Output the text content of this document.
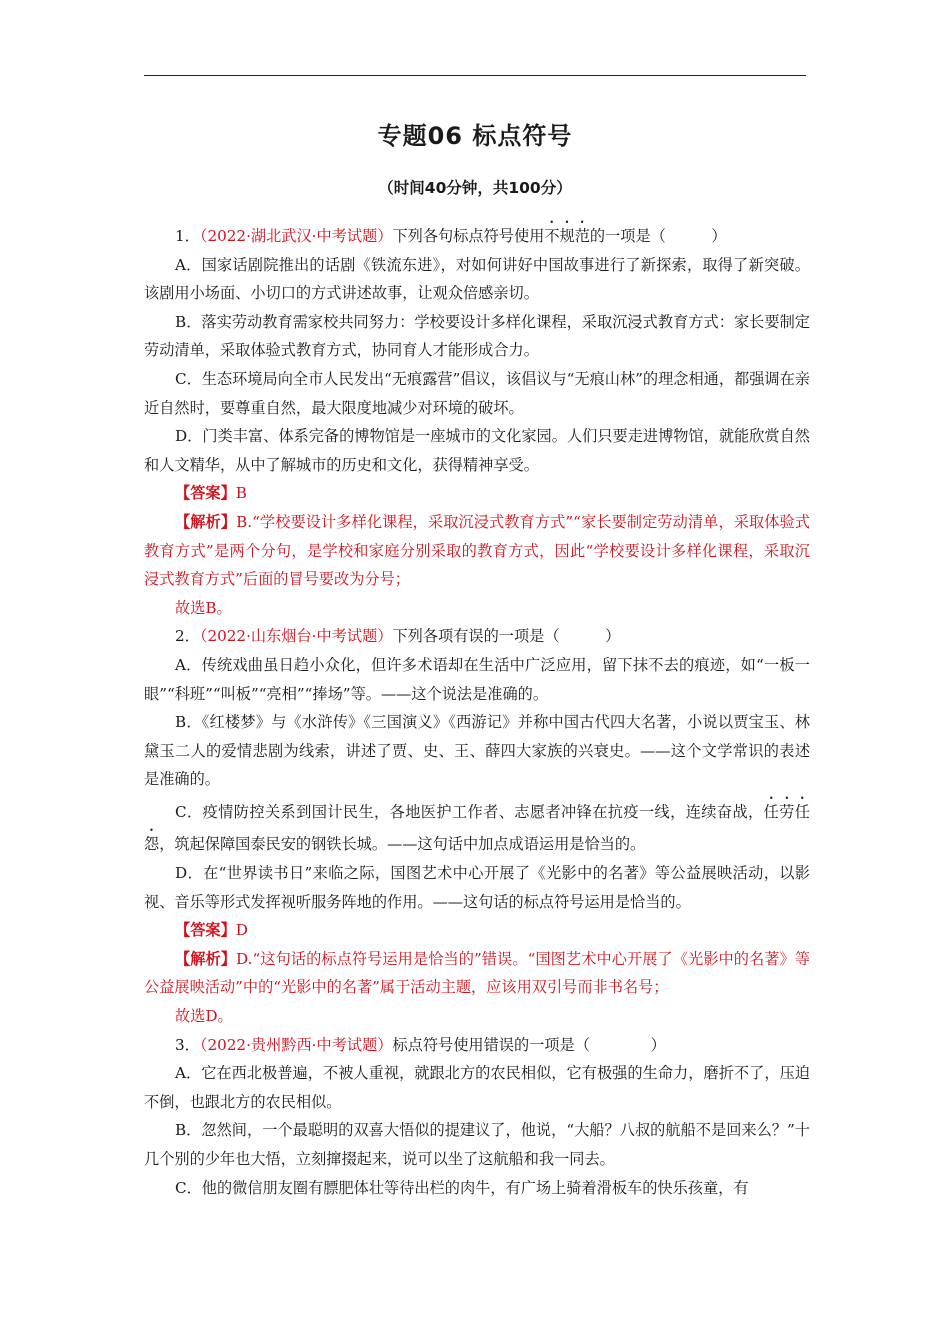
专题06 标点符号
（时间40分钟，共100分）

1．（2022·湖北武汉·中考试题）下列各句标点符号使用不规范的一项是（　　　）

A．国家话剧院推出的话剧《铁流东进》，对如何讲好中国故事进行了新探索，取得了新突破。该剧用小场面、小切口的方式讲述故事，让观众倍感亲切。

B．落实劳动教育需家校共同努力：学校要设计多样化课程，采取沉浸式教育方式：家长要制定劳动清单，采取体验式教育方式，协同育人才能形成合力。

C．生态环境局向全市人民发出“无痕露营”倡议，该倡议与“无痕山林”的理念相通，都强调在亲近自然时，要尊重自然，最大限度地减少对环境的破坏。

D．门类丰富、体系完备的博物馆是一座城市的文化家园。人们只要走进博物馆，就能欣赏自然和人文精华，从中了解城市的历史和文化，获得精神享受。

【答案】B

【解析】B.“学校要设计多样化课程，采取沉浸式教育方式”“家长要制定劳动清单，采取体验式教育方式”是两个分句，是学校和家庭分别采取的教育方式，因此“学校要设计多样化课程，采取沉浸式教育方式”后面的冒号要改为分号；

故选B。

2．（2022·山东烟台·中考试题）下列各项有误的一项是（　　　）

A．传统戏曲虽日趋小众化，但许多术语却在生活中广泛应用，留下抹不去的痕迹，如“一板一眼”“科班”“叫板”“亮相”“捧场”等。——这个说法是准确的。

B．《红楼梦》与《水浒传》《三国演义》《西游记》并称中国古代四大名著，小说以贾宝玉、林黛玉二人的爱情悲剧为线索，讲述了贾、史、王、薛四大家族的兴衰史。——这个文学常识的表述是准确的。

C．疫情防控关系到国计民生，各地医护工作者、志愿者冲锋在抗疫一线，连续奋战，任劳任怨，筑起保障国泰民安的钢铁长城。——这句话中加点成语运用是恰当的。

D．在“世界读书日”来临之际，国图艺术中心开展了《光影中的名著》等公益展映活动，以影视、音乐等形式发挥视听服务阵地的作用。——这句话的标点符号运用是恰当的。

【答案】D

【解析】D.“这句话的标点符号运用是恰当的”错误。“国图艺术中心开展了《光影中的名著》等公益展映活动”中的“光影中的名著”属于活动主题，应该用双引号而非书名号；

故选D。

3．（2022·贵州黔西·中考试题）标点符号使用错误的一项是（　　　　）

A．它在西北极普遍，不被人重视，就跟北方的农民相似，它有极强的生命力，磨折不了，压迫不倒，也跟北方的农民相似。

B．忽然间，一个最聪明的双喜大悟似的提建议了，他说，“大船？八叔的航船不是回来么？”十几个别的少年也大悟，立刻撺掇起来，说可以坐了这航船和我一同去。

C．他的微信朋友圈有膘肥体壮等待出栏的肉牛，有广场上骑着滑板车的快乐孩童，有
